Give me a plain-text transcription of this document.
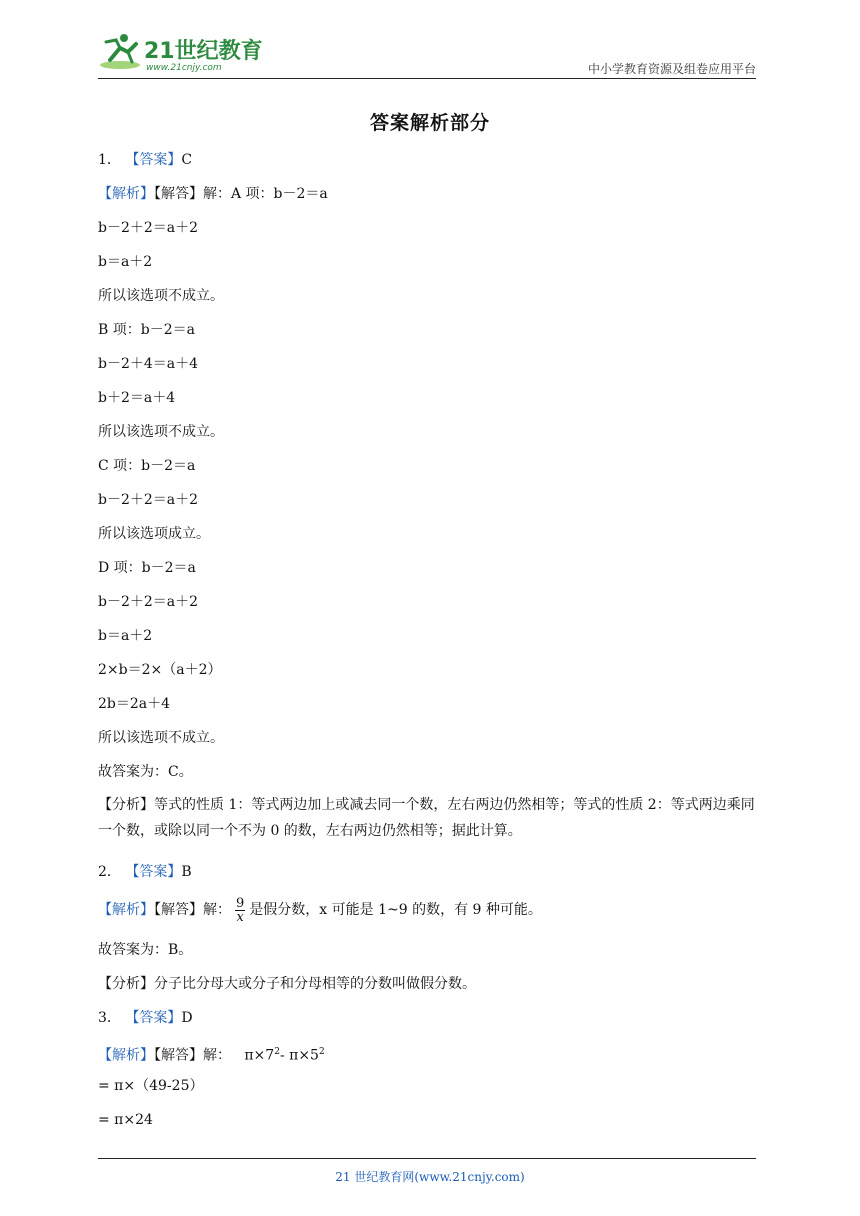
21世纪教育
www.21cnjy.com	中小学教育资源及组卷应用平台
答案解析部分
1． 【答案】C
【解析】【解答】解：A 项：b－2＝a
b－2＋2＝a＋2
b＝a＋2
所以该选项不成立。
B 项：b－2＝a
b－2＋4＝a＋4
b＋2＝a＋4
所以该选项不成立。
C 项：b－2＝a
b－2＋2＝a＋2
所以该选项成立。
D 项：b－2＝a
b－2＋2＝a＋2
b＝a＋2
2×b＝2×（a＋2）
2b＝2a＋4
所以该选项不成立。
故答案为：C。
【分析】等式的性质 1：等式两边加上或减去同一个数，左右两边仍然相等；等式的性质 2：等式两边乘同一个数，或除以同一个不为 0 的数，左右两边仍然相等；据此计算。
2． 【答案】B
【解析】【解答】解： $\frac{9}{x}$ 是假分数，x 可能是 1~9 的数，有 9 种可能。
故答案为：B。
【分析】分子比分母大或分子和分母相等的分数叫做假分数。
3． 【答案】D
【解析】【解答】解： $\pi\times 7^2-$ $\pi\times 5^2$
= π×（49-25）
= π×24
21 世纪教育网(www.21cnjy.com)
